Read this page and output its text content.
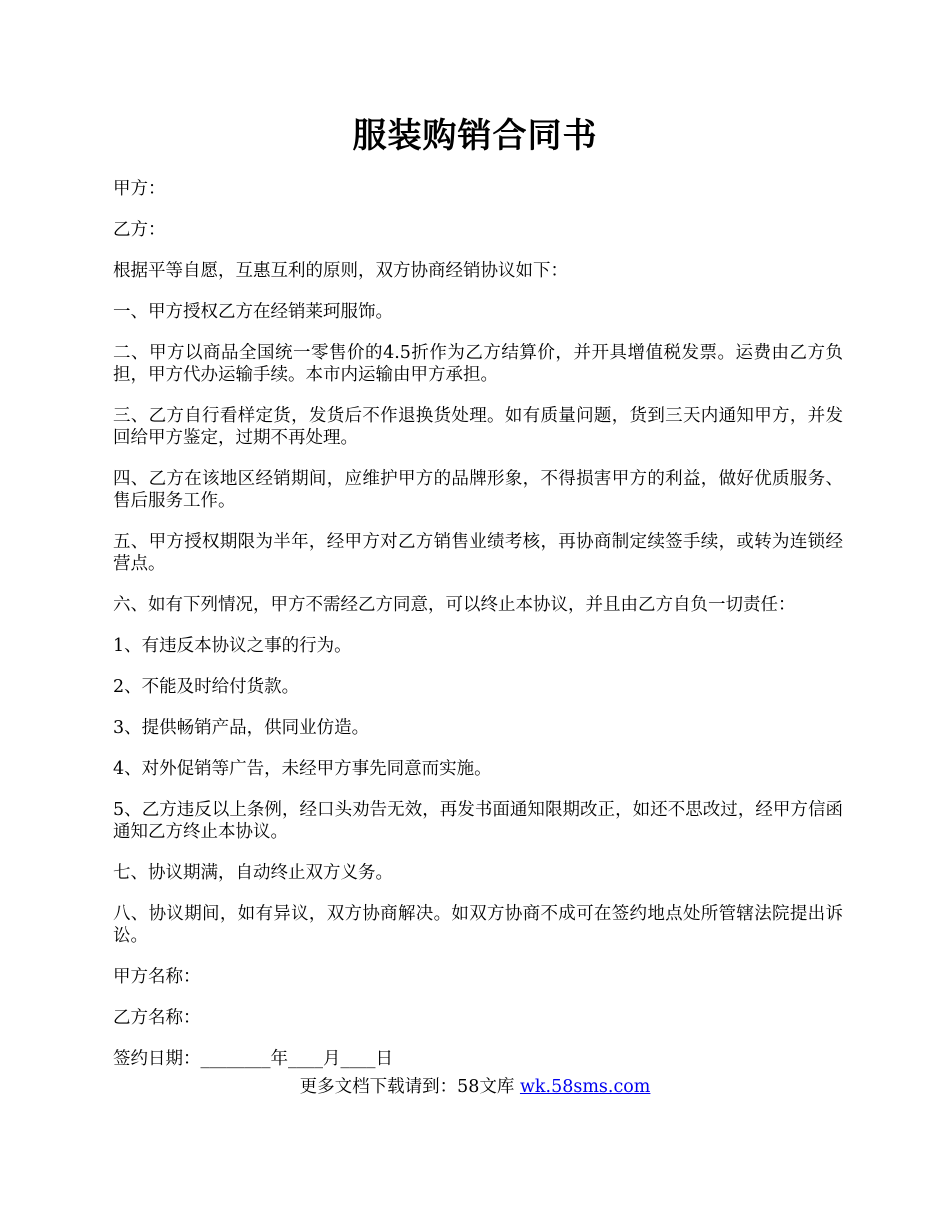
服装购销合同书

甲方：

乙方：

根据平等自愿，互惠互利的原则，双方协商经销协议如下：

一、甲方授权乙方在经销莱珂服饰。

二、甲方以商品全国统一零售价的4.5折作为乙方结算价，并开具增值税发票。运费由乙方负担，甲方代办运输手续。本市内运输由甲方承担。

三、乙方自行看样定货，发货后不作退换货处理。如有质量问题，货到三天内通知甲方，并发回给甲方鉴定，过期不再处理。

四、乙方在该地区经销期间，应维护甲方的品牌形象，不得损害甲方的利益，做好优质服务、售后服务工作。

五、甲方授权期限为半年，经甲方对乙方销售业绩考核，再协商制定续签手续，或转为连锁经营点。

六、如有下列情况，甲方不需经乙方同意，可以终止本协议，并且由乙方自负一切责任：

1、有违反本协议之事的行为。

2、不能及时给付货款。

3、提供畅销产品，供同业仿造。

4、对外促销等广告，未经甲方事先同意而实施。

5、乙方违反以上条例，经口头劝告无效，再发书面通知限期改正，如还不思改过，经甲方信函通知乙方终止本协议。

七、协议期满，自动终止双方义务。

八、协议期间，如有异议，双方协商解决。如双方协商不成可在签约地点处所管辖法院提出诉讼。

甲方名称：

乙方名称：

签约日期：________年____月____日

更多文档下载请到：58文库 wk.58sms.com
